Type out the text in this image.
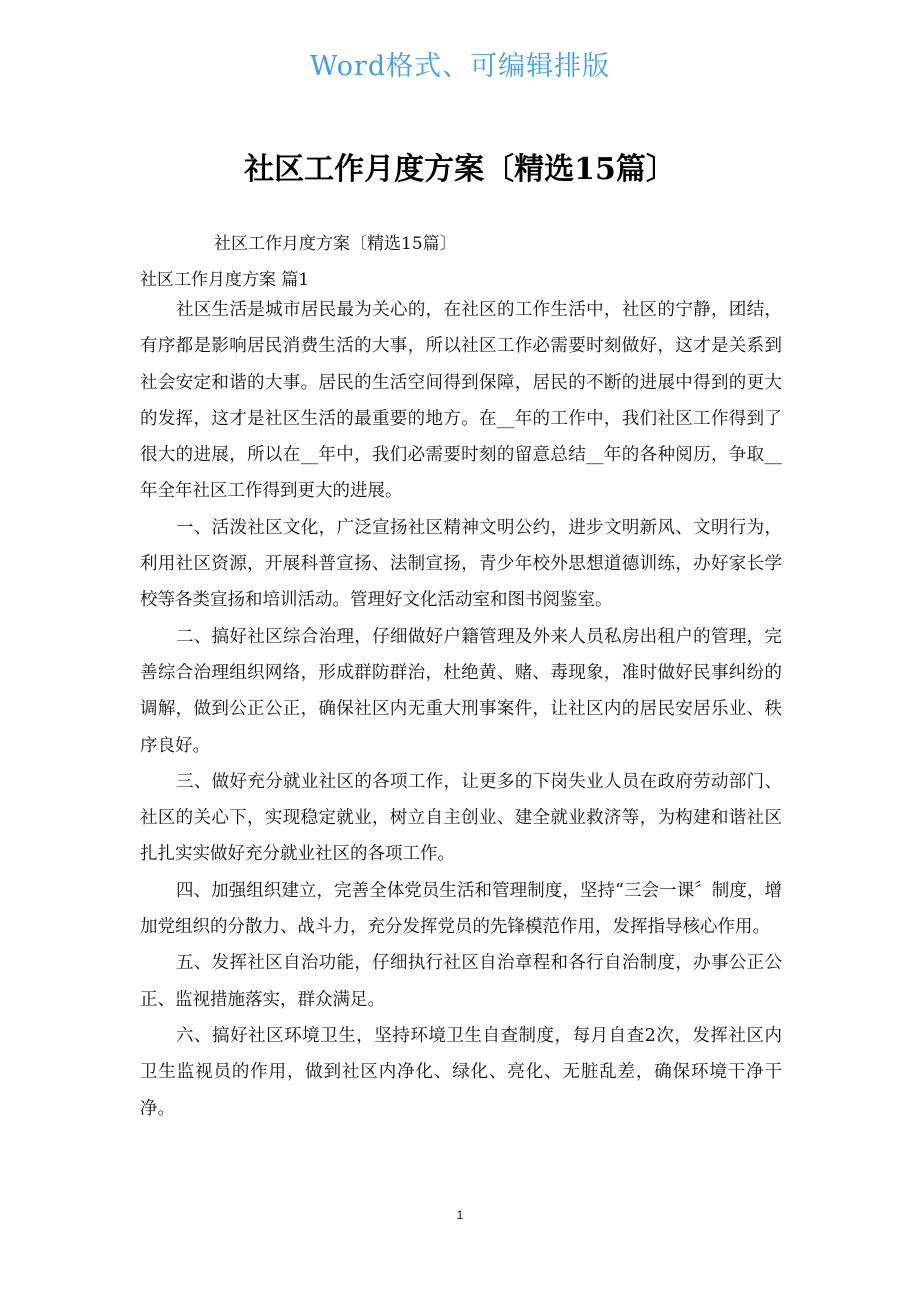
Word格式、可编辑排版
社区工作月度方案〔精选15篇〕
社区工作月度方案〔精选15篇〕
社区工作月度方案 篇1

社区生活是城市居民最为关心的，在社区的工作生活中，社区的宁静，团结，有序都是影响居民消费生活的大事，所以社区工作必需要时刻做好，这才是关系到社会安定和谐的大事。居民的生活空间得到保障，居民的不断的进展中得到的更大的发挥，这才是社区生活的最重要的地方。在__年的工作中，我们社区工作得到了很大的进展，所以在__年中，我们必需要时刻的留意总结__年的各种阅历，争取__年全年社区工作得到更大的进展。

一、活泼社区文化，广泛宣扬社区精神文明公约，进步文明新风、文明行为，利用社区资源，开展科普宣扬、法制宣扬，青少年校外思想道德训练，办好家长学校等各类宣扬和培训活动。管理好文化活动室和图书阅鉴室。

二、搞好社区综合治理，仔细做好户籍管理及外来人员私房出租户的管理，完善综合治理组织网络，形成群防群治，杜绝黄、赌、毒现象，准时做好民事纠纷的调解，做到公正公正，确保社区内无重大刑事案件，让社区内的居民安居乐业、秩序良好。

三、做好充分就业社区的各项工作，让更多的下岗失业人员在政府劳动部门、社区的关心下，实现稳定就业，树立自主创业、建全就业救济等，为构建和谐社区扎扎实实做好充分就业社区的各项工作。

四、加强组织建立，完善全体党员生活和管理制度，坚持“三会一课〞制度，增加党组织的分散力、战斗力，充分发挥党员的先锋模范作用，发挥指导核心作用。

五、发挥社区自治功能，仔细执行社区自治章程和各行自治制度，办事公正公正、监视措施落实，群众满足。

六、搞好社区环境卫生，坚持环境卫生自查制度，每月自查2次，发挥社区内卫生监视员的作用，做到社区内净化、绿化、亮化、无脏乱差，确保环境干净干净。

1
